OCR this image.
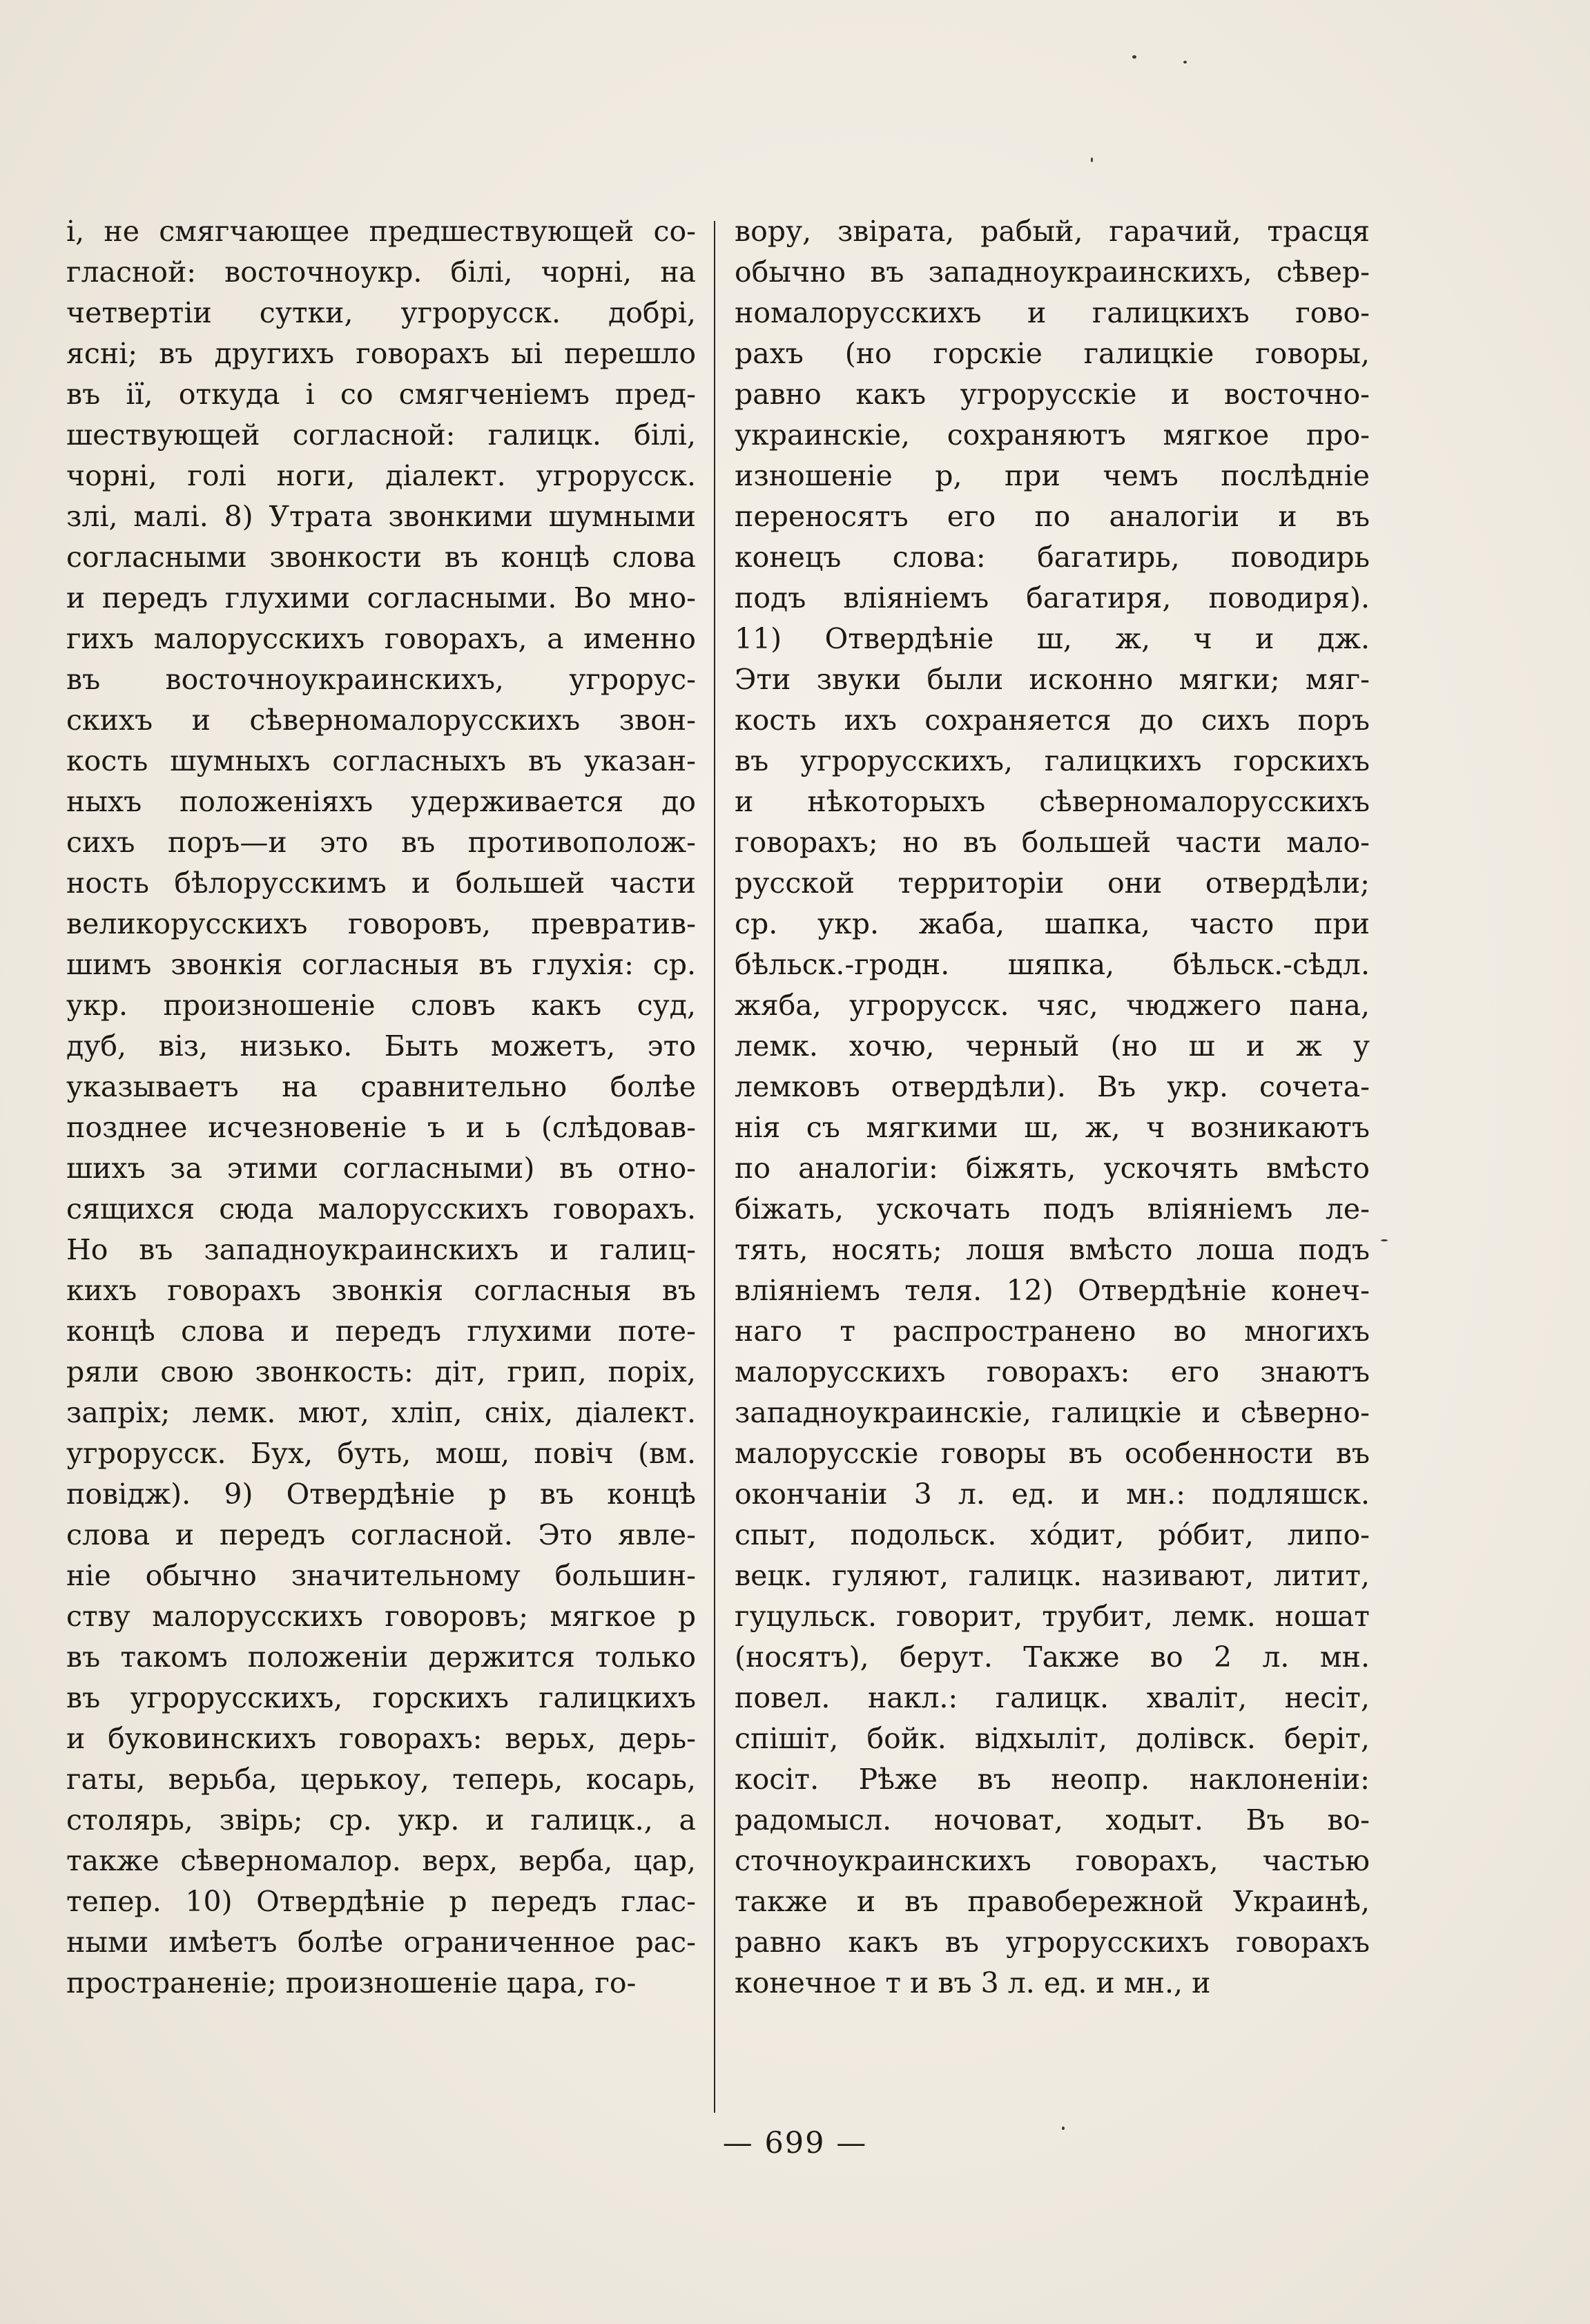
і, не смягчающее предшествующей со-
гласной: восточноукр. білі, чорні, на
четвертіи сутки, угрорусск. добрі,
ясні; въ другихъ говорахъ ыі перешло
въ ії, откуда і со смягченіемъ пред-
шествующей согласной: галицк. білі,
чорні, голі ноги, діалект. угрорусск.
злі, малі. 8) Утрата звонкими шумными
согласными звонкости въ концѣ слова
и передъ глухими согласными. Во мно-
гихъ малорусскихъ говорахъ, а именно
въ восточноукраинскихъ, угрорус-
скихъ и сѣверномалорусскихъ звон-
кость шумныхъ согласныхъ въ указан-
ныхъ положеніяхъ удерживается до
сихъ поръ—и это въ противополож-
ность бѣлорусскимъ и большей части
великорусскихъ говоровъ, превратив-
шимъ звонкія согласныя въ глухія: ср.
укр. произношеніе словъ какъ суд,
дуб, віз, низько. Быть можетъ, это
указываетъ на сравнительно болѣе
позднее исчезновеніе ъ и ь (слѣдовав-
шихъ за этими согласными) въ отно-
сящихся сюда малорусскихъ говорахъ.
Но въ западноукраинскихъ и галиц-
кихъ говорахъ звонкія согласныя въ
концѣ слова и передъ глухими поте-
ряли свою звонкость: діт, грип, поріх,
запріх; лемк. мют, хліп, сніх, діалект.
угрорусск. Бух, буть, мош, повіч (вм.
повідж). 9) Отвердѣніе р въ концѣ
слова и передъ согласной. Это явле-
ніе обычно значительному большин-
ству малорусскихъ говоровъ; мягкое р
въ такомъ положеніи держится только
въ угрорусскихъ, горскихъ галицкихъ
и буковинскихъ говорахъ: верьх, дерь-
гаты, верьба, церькоу, теперь, косарь,
столярь, звірь; ср. укр. и галицк., а
также сѣверномалор. верх, верба, цар,
тепер. 10) Отвердѣніе р передъ глас-
ными имѣетъ болѣе ограниченное рас-
пространеніе; произношеніе цара, го-
вору, звірата, рабый, гарачий, трасця
обычно въ западноукраинскихъ, сѣвер-
номалорусскихъ и галицкихъ гово-
рахъ (но горскіе галицкіе говоры,
равно какъ угрорусскіе и восточно-
украинскіе, сохраняютъ мягкое про-
изношеніе р, при чемъ послѣдніе
переносятъ его по аналогіи и въ
конецъ слова: багатирь, поводирь
подъ вліяніемъ багатиря, поводиря).
11) Отвердѣніе ш, ж, ч и дж.
Эти звуки были исконно мягки; мяг-
кость ихъ сохраняется до сихъ поръ
въ угрорусскихъ, галицкихъ горскихъ
и нѣкоторыхъ сѣверномалорусскихъ
говорахъ; но въ большей части мало-
русской территоріи они отвердѣли;
ср. укр. жаба, шапка, часто при
бѣльск.-гродн. шяпка, бѣльск.-сѣдл.
жяба, угрорусск. чяс, чюджего пана,
лемк. хочю, черный (но ш и ж у
лемковъ отвердѣли). Въ укр. сочета-
нія съ мягкими ш, ж, ч возникаютъ
по аналогіи: біжять, ускочять вмѣсто
біжать, ускочать подъ вліяніемъ ле-
тять, носять; лошя вмѣсто лоша подъ
вліяніемъ теля. 12) Отвердѣніе конеч-
наго т распространено во многихъ
малорусскихъ говорахъ: его знаютъ
западноукраинскіе, галицкіе и сѣверно-
малорусскіе говоры въ особенности въ
окончаніи 3 л. ед. и мн.: подляшск.
спыт, подольск. хóдит, рóбит, липо-
вецк. гуляют, галицк. називают, литит,
гуцульск. говорит, трубит, лемк. ношат
(носятъ), берут. Также во 2 л. мн.
повел. накл.: галицк. хваліт, несіт,
спішіт, бойк. відхыліт, долівск. беріт,
косіт. Рѣже въ неопр. наклоненіи:
радомысл. ночоват, ходыт. Въ во-
сточноукраинскихъ говорахъ, частью
также и въ правобережной Украинѣ,
равно какъ въ угрорусскихъ говорахъ
конечное т и въ 3 л. ед. и мн., и
— 699 —
